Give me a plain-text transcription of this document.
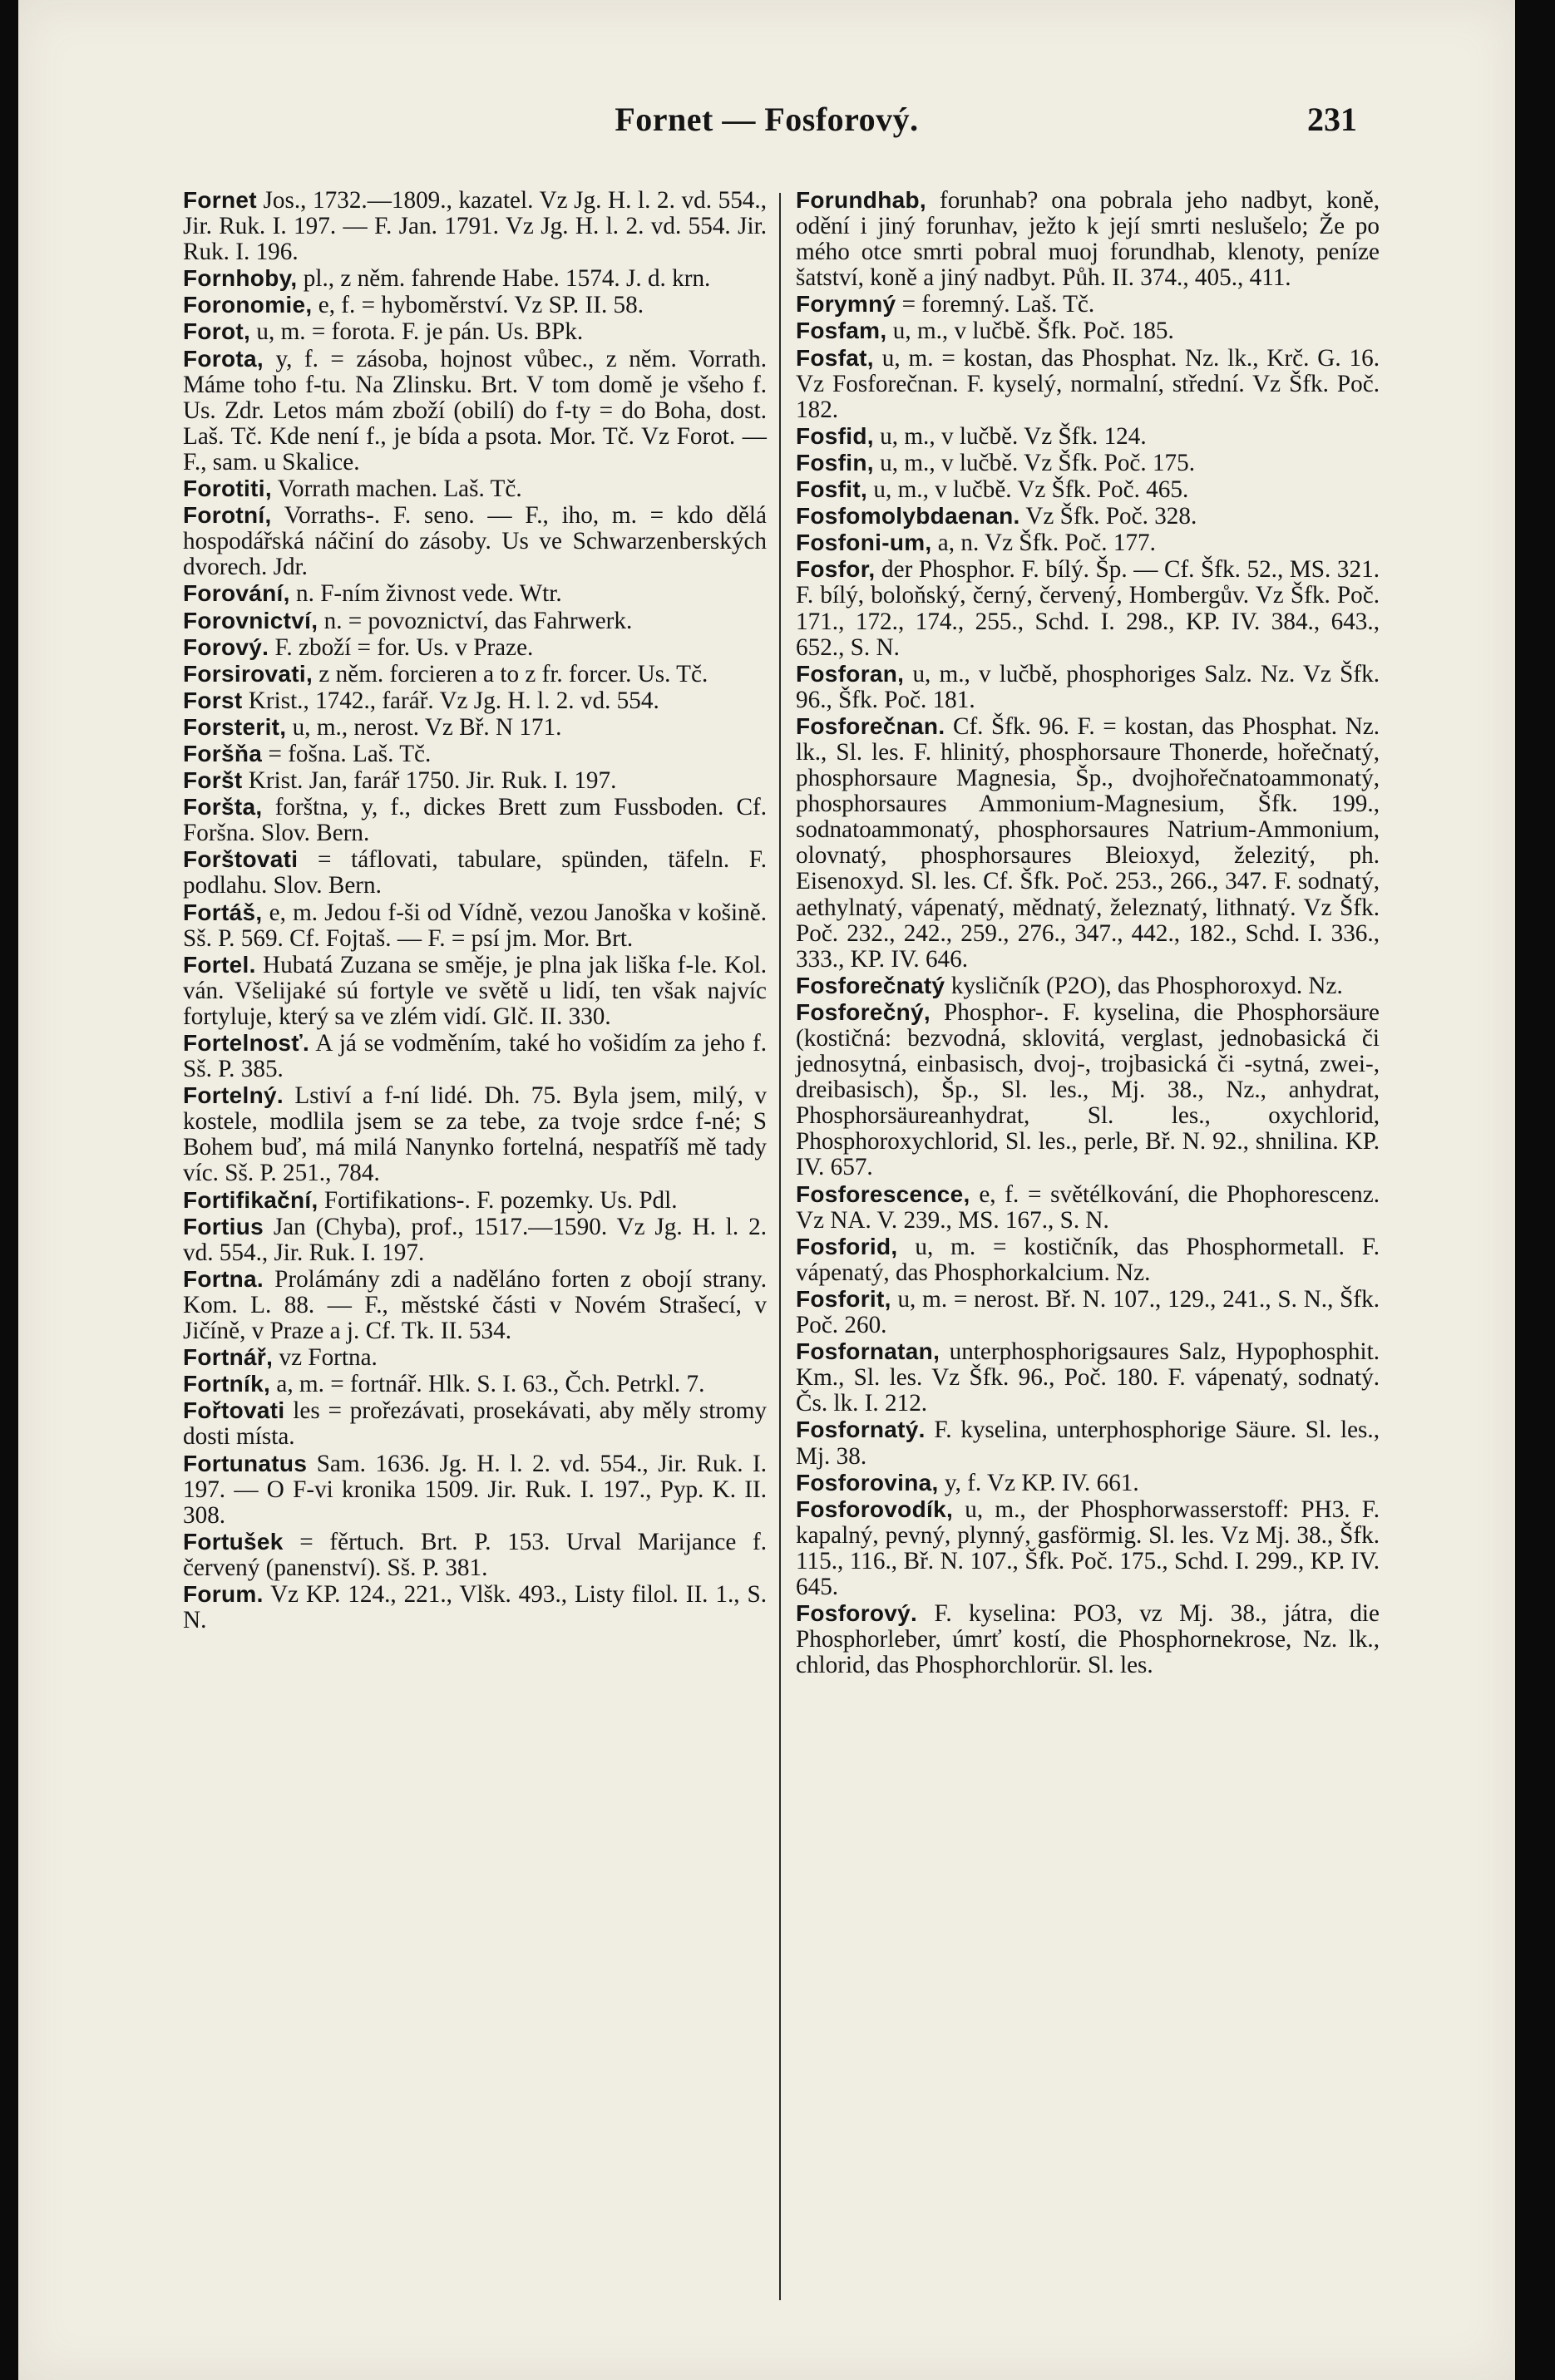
Fornet — Fosforový.	231

Fornet Jos., 1732.—1809., kazatel. Vz Jg. H. l. 2. vd. 554., Jir. Ruk. I. 197. — F. Jan. 1791. Vz Jg. H. l. 2. vd. 554. Jir. Ruk. I. 196.

Fornhoby, pl., z něm. fahrende Habe. 1574. J. d. krn.

Foronomie, e, f. = hyboměrství. Vz SP. II. 58.

Forot, u, m. = forota. F. je pán. Us. BPk.

Forota, y, f. = zásoba, hojnost vůbec., z něm. Vorrath. Máme toho f-tu. Na Zlinsku. Brt. V tom domě je všeho f. Us. Zdr. Letos mám zboží (obilí) do f-ty = do Boha, dost. Laš. Tč. Kde není f., je bída a psota. Mor. Tč. Vz Forot. — F., sam. u Skalice.

Forotiti, Vorrath machen. Laš. Tč.

Forotní, Vorraths-. F. seno. — F., iho, m. = kdo dělá hospodářská náčiní do zásoby. Us ve Schwarzenberských dvorech. Jdr.

Forování, n. F-ním živnost vede. Wtr.

Forovnictví, n. = povoznictví, das Fahrwerk.

Forový. F. zboží = for. Us. v Praze.

Forsirovati, z něm. forcieren a to z fr. forcer. Us. Tč.

Forst Krist., 1742., farář. Vz Jg. H. l. 2. vd. 554.

Forsterit, u, m., nerost. Vz Bř. N 171.

Foršňa = fošna. Laš. Tč.

Foršt Krist. Jan, farář 1750. Jir. Ruk. I. 197.

Foršta, forštna, y, f., dickes Brett zum Fussboden. Cf. Foršna. Slov. Bern.

Forštovati = táflovati, tabulare, spünden, täfeln. F. podlahu. Slov. Bern.

Fortáš, e, m. Jedou f-ši od Vídně, vezou Janoška v košině. Sš. P. 569. Cf. Fojtaš. — F. = psí jm. Mor. Brt.

Fortel. Hubatá Zuzana se směje, je plna jak liška f-le. Kol. ván. Všelijaké sú fortyle ve světě u lidí, ten však najvíc fortyluje, který sa ve zlém vidí. Glč. II. 330.

Fortelnosť. A já se vodměním, také ho vošidím za jeho f. Sš. P. 385.

Fortelný. Lstiví a f-ní lidé. Dh. 75. Byla jsem, milý, v kostele, modlila jsem se za tebe, za tvoje srdce f-né; S Bohem buď, má milá Nanynko fortelná, nespatříš mě tady víc. Sš. P. 251., 784.

Fortifikační, Fortifikations-. F. pozemky. Us. Pdl.

Fortius Jan (Chyba), prof., 1517.—1590. Vz Jg. H. l. 2. vd. 554., Jir. Ruk. I. 197.

Fortna. Prolámány zdi a naděláno forten z obojí strany. Kom. L. 88. — F., městské části v Novém Strašecí, v Jičíně, v Praze a j. Cf. Tk. II. 534.

Fortnář, vz Fortna.

Fortník, a, m. = fortnář. Hlk. S. I. 63., Čch. Petrkl. 7.

Fořtovati les = prořezávati, prosekávati, aby měly stromy dosti místa.

Fortunatus Sam. 1636. Jg. H. l. 2. vd. 554., Jir. Ruk. I. 197. — O F-vi kronika 1509. Jir. Ruk. I. 197., Pyp. K. II. 308.

Fortušek = fěrtuch. Brt. P. 153. Urval Marijance f. červený (panenství). Sš. P. 381.

Forum. Vz KP. 124., 221., Vlšk. 493., Listy filol. II. 1., S. N.

Forundhab, forunhab? ona pobrala jeho nadbyt, koně, odění i jiný forunhav, ježto k její smrti neslušelo; Že po mého otce smrti pobral muoj forundhab, klenoty, peníze šatství, koně a jiný nadbyt. Půh. II. 374., 405., 411.

Forymný = foremný. Laš. Tč.

Fosfam, u, m., v lučbě. Šfk. Poč. 185.

Fosfat, u, m. = kostan, das Phosphat. Nz. lk., Krč. G. 16. Vz Fosforečnan. F. kyselý, normalní, střední. Vz Šfk. Poč. 182.

Fosfid, u, m., v lučbě. Vz Šfk. 124.

Fosfin, u, m., v lučbě. Vz Šfk. Poč. 175.

Fosfit, u, m., v lučbě. Vz Šfk. Poč. 465.

Fosfomolybdaenan. Vz Šfk. Poč. 328.

Fosfoni-um, a, n. Vz Šfk. Poč. 177.

Fosfor, der Phosphor. F. bílý. Šp. — Cf. Šfk. 52., MS. 321. F. bílý, boloňský, černý, červený, Hombergův. Vz Šfk. Poč. 171., 172., 174., 255., Schd. I. 298., KP. IV. 384., 643., 652., S. N.

Fosforan, u, m., v lučbě, phosphoriges Salz. Nz. Vz Šfk. 96., Šfk. Poč. 181.

Fosforečnan. Cf. Šfk. 96. F. = kostan, das Phosphat. Nz. lk., Sl. les. F. hlinitý, phosphorsaure Thonerde, hořečnatý, phosphorsaure Magnesia, Šp., dvojhořečnatoammonatý, phosphorsaures Ammonium-Magnesium, Šfk. 199., sodnatoammonatý, phosphorsaures Natrium-Ammonium, olovnatý, phosphorsaures Bleioxyd, železitý, ph. Eisenoxyd. Sl. les. Cf. Šfk. Poč. 253., 266., 347. F. sodnatý, aethylnatý, vápenatý, mědnatý, železnatý, lithnatý. Vz Šfk. Poč. 232., 242., 259., 276., 347., 442., 182., Schd. I. 336., 333., KP. IV. 646.

Fosforečnatý kysličník (P2O), das Phosphoroxyd. Nz.

Fosforečný, Phosphor-. F. kyselina, die Phosphorsäure (kostičná: bezvodná, sklovitá, verglast, jednobasická či jednosytná, einbasisch, dvoj-, trojbasická či -sytná, zwei-, dreibasisch), Šp., Sl. les., Mj. 38., Nz., anhydrat, Phosphorsäureanhydrat, Sl. les., oxychlorid, Phosphoroxychlorid, Sl. les., perle, Bř. N. 92., shnilina. KP. IV. 657.

Fosforescence, e, f. = světélkování, die Phophorescenz. Vz NA. V. 239., MS. 167., S. N.

Fosforid, u, m. = kostičník, das Phosphormetall. F. vápenatý, das Phosphorkalcium. Nz.

Fosforit, u, m. = nerost. Bř. N. 107., 129., 241., S. N., Šfk. Poč. 260.

Fosfornatan, unterphosphorigsaures Salz, Hypophosphit. Km., Sl. les. Vz Šfk. 96., Poč. 180. F. vápenatý, sodnatý. Čs. lk. I. 212.

Fosfornatý. F. kyselina, unterphosphorige Säure. Sl. les., Mj. 38.

Fosforovina, y, f. Vz KP. IV. 661.

Fosforovodík, u, m., der Phosphorwasserstoff: PH3. F. kapalný, pevný, plynný, gasförmig. Sl. les. Vz Mj. 38., Šfk. 115., 116., Bř. N. 107., Šfk. Poč. 175., Schd. I. 299., KP. IV. 645.

Fosforový. F. kyselina: PO3, vz Mj. 38., játra, die Phosphorleber, úmrť kostí, die Phosphornekrose, Nz. lk., chlorid, das Phosphorchlorür. Sl. les.
